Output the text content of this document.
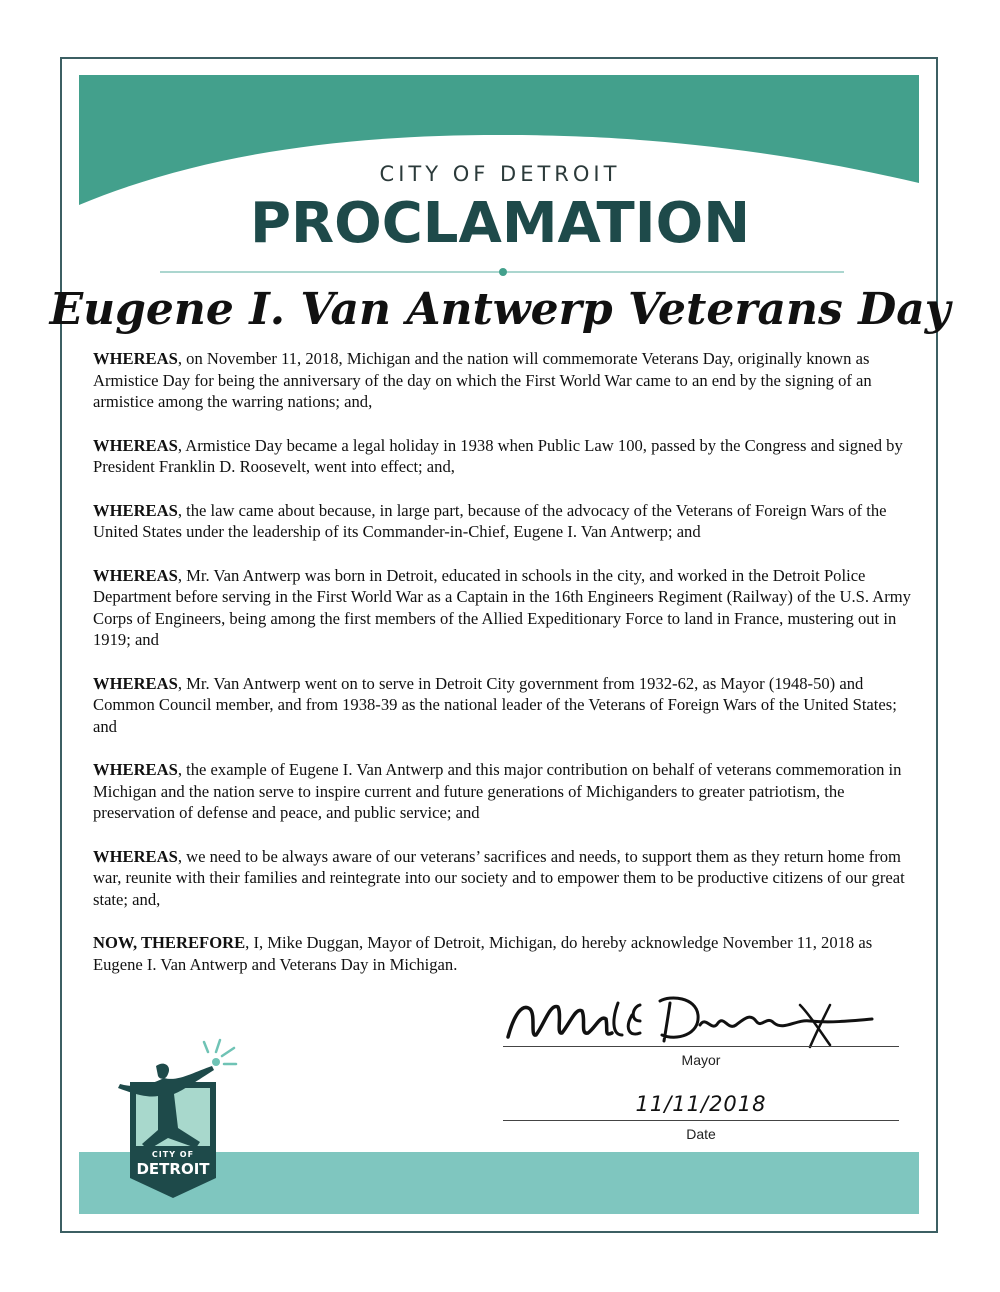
CITY OF DETROIT
PROCLAMATION
Eugene I. Van Antwerp Veterans Day

WHEREAS, on November 11, 2018, Michigan and the nation will commemorate Veterans Day, originally known as Armistice Day for being the anniversary of the day on which the First World War came to an end by the signing of an armistice among the warring nations; and,

WHEREAS, Armistice Day became a legal holiday in 1938 when Public Law 100, passed by the Congress and signed by President Franklin D. Roosevelt, went into effect; and,

WHEREAS, the law came about because, in large part, because of the advocacy of the Veterans of Foreign Wars of the United States under the leadership of its Commander-in-Chief, Eugene I. Van Antwerp; and

WHEREAS, Mr. Van Antwerp was born in Detroit, educated in schools in the city, and worked in the Detroit Police Department before serving in the First World War as a Captain in the 16th Engineers Regiment (Railway) of the U.S. Army Corps of Engineers, being among the first members of the Allied Expeditionary Force to land in France, mustering out in 1919; and

WHEREAS, Mr. Van Antwerp went on to serve in Detroit City government from 1932-62, as Mayor (1948-50) and Common Council member, and from 1938-39 as the national leader of the Veterans of Foreign Wars of the United States; and

WHEREAS, the example of Eugene I. Van Antwerp and this major contribution on behalf of veterans commemoration in Michigan and the nation serve to inspire current and future generations of Michiganders to greater patriotism, the preservation of defense and peace, and public service; and

WHEREAS, we need to be always aware of our veterans’ sacrifices and needs, to support them as they return home from war, reunite with their families and reintegrate into our society and to empower them to be productive citizens of our great state; and,

NOW, THEREFORE, I, Mike Duggan, Mayor of Detroit, Michigan, do hereby acknowledge November 11, 2018 as Eugene I. Van Antwerp and Veterans Day in Michigan.

Mayor
11/11/2018
Date
CITY OF
DETROIT
